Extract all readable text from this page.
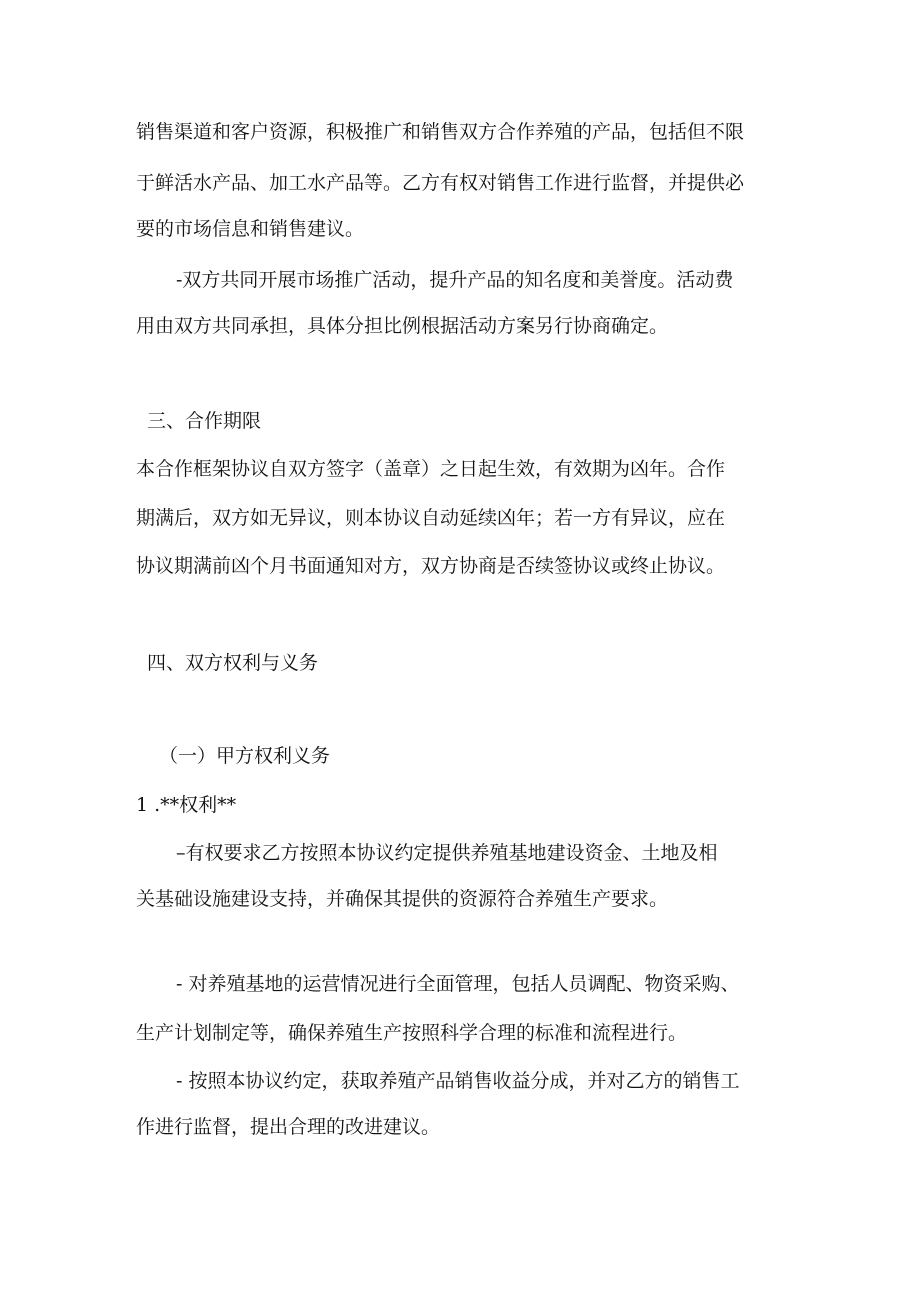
销售渠道和客户资源，积极推广和销售双方合作养殖的产品，包括但不限
于鲜活水产品、加工水产品等。乙方有权对销售工作进行监督，并提供必
要的市场信息和销售建议。
-双方共同开展市场推广活动，提升产品的知名度和美誉度。活动费
用由双方共同承担，具体分担比例根据活动方案另行协商确定。
三、合作期限
本合作框架协议自双方签字（盖章）之日起生效，有效期为凶年。合作
期满后，双方如无异议，则本协议自动延续凶年；若一方有异议，应在
协议期满前凶个月书面通知对方，双方协商是否续签协议或终止协议。
四、双方权利与义务
（一）甲方权利义务
1 .**权利**
–有权要求乙方按照本协议约定提供养殖基地建设资金、土地及相
关基础设施建设支持，并确保其提供的资源符合养殖生产要求。
- 对养殖基地的运营情况进行全面管理，包括人员调配、物资采购、
生产计划制定等，确保养殖生产按照科学合理的标准和流程进行。
- 按照本协议约定，获取养殖产品销售收益分成，并对乙方的销售工
作进行监督，提出合理的改进建议。
